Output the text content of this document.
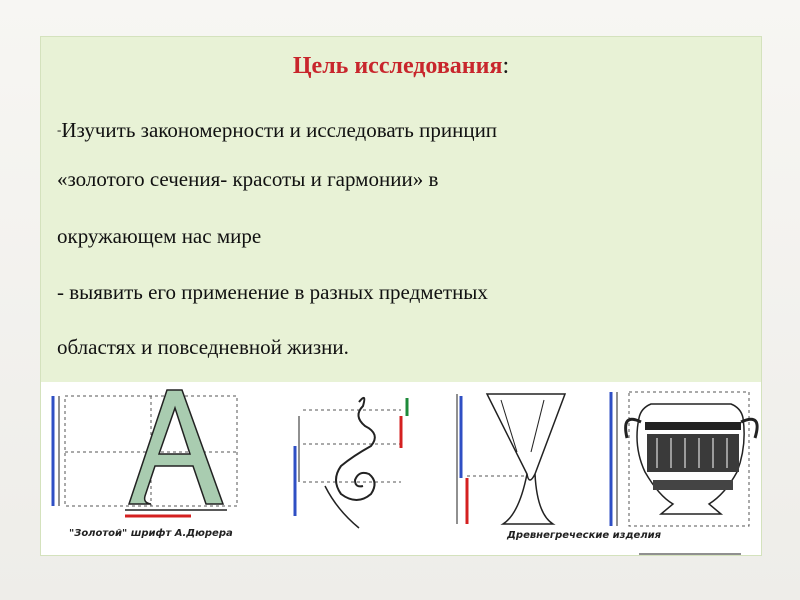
Цель исследования:
-Изучить закономерности и исследовать принцип
«золотого сечения- красоты и гармонии» в
окружающем нас мире
- выявить его применение в разных предметных
областях и повседневной жизни.
"Золотой" шрифт А.Дюрера	Древнегреческие изделия
